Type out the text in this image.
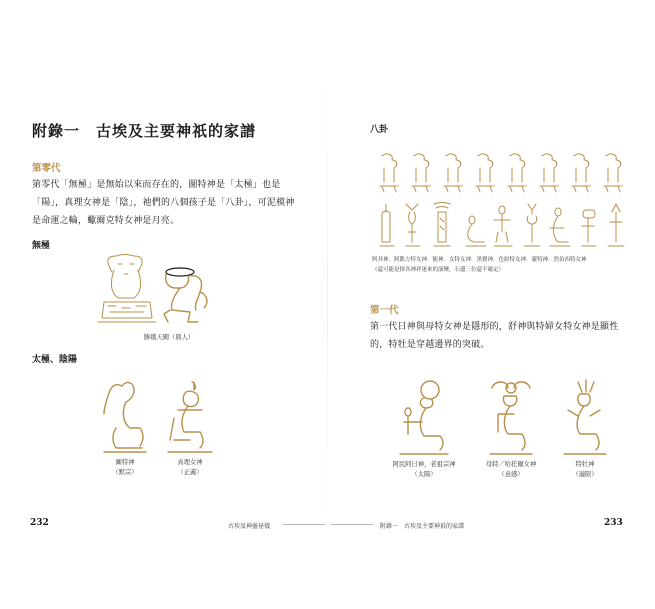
附錄一　古埃及主要神祇的家譜
第零代
第零代「無極」是無始以來而存在的，圖特神是「太極」也是
「陽」，真理女神是「陰」，祂們的八個孩子是「八卦」，可泥模神
是命運之輪，蠍爾克特女神是月亮。
無極
勝娥天闕（鼎人）
太極、陰陽
圖特神
（默宗）
真理女神
（正義）
232	古埃及神靈祕儀
八卦
阿其神．阿凱方特女神．能神．女特女神．黑寶神．色紛特女神．靈特神．然伯西特女神
（還可能是探各神祥迷來的演變，石邊三位還不確定）
第一代
第一代日神與母特女神是隱形的，舒神與特婦女特女神是顯性
的，特牡是穿越邊界的突破。
阿民阿日神，老祖宗神
（太陽）
母特／哈托爾女神
（意感）
特牡神
（適限）
附錄一　古埃及主要神祇的家譜	233
